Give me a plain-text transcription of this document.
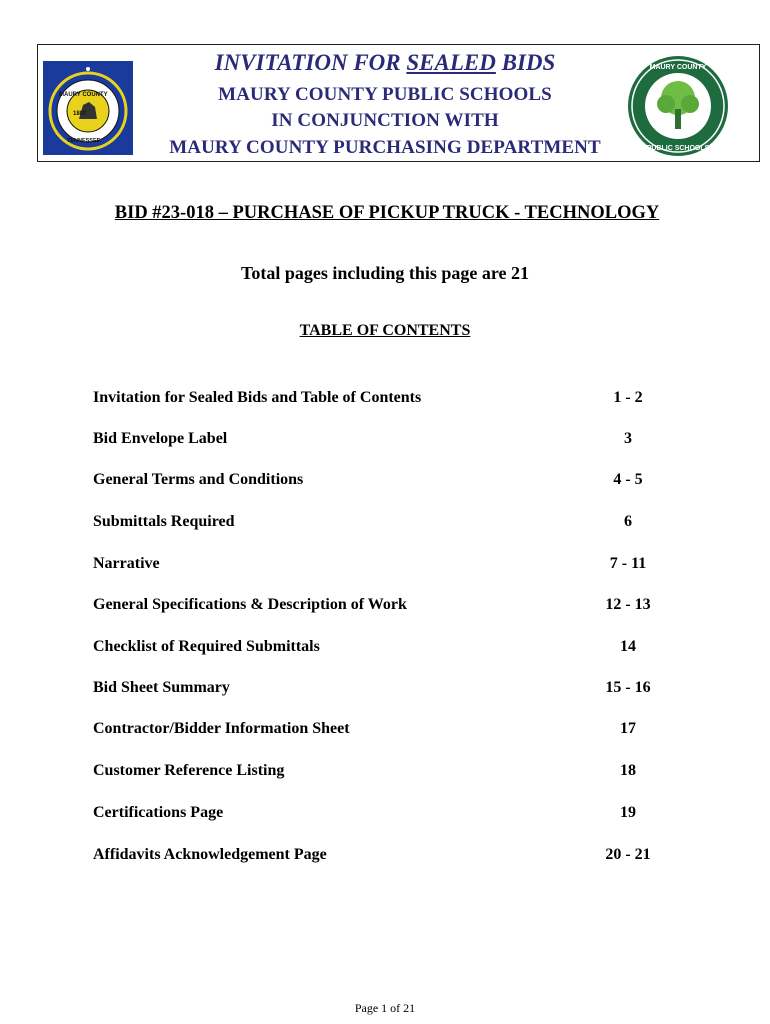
MAURY COUNTY
TENNESSEE
1807
MAURY COUNTY
PUBLIC SCHOOLS
INVITATION FOR SEALED BIDS
MAURY COUNTY PUBLIC SCHOOLS
IN CONJUNCTION WITH
MAURY COUNTY PURCHASING DEPARTMENT
BID #23-018 – PURCHASE OF PICKUP TRUCK - TECHNOLOGY
Total pages including this page are 21
TABLE OF CONTENTS
Invitation for Sealed Bids and Table of Contents	1 - 2
Bid Envelope Label	3
General Terms and Conditions	4 - 5
Submittals Required	6
Narrative	7 - 11
General Specifications & Description of Work	12 - 13
Checklist of Required Submittals	14
Bid Sheet Summary	15 - 16
Contractor/Bidder Information Sheet	17
Customer Reference Listing	18
Certifications Page	19
Affidavits Acknowledgement Page	20 - 21
Page 1 of 21
